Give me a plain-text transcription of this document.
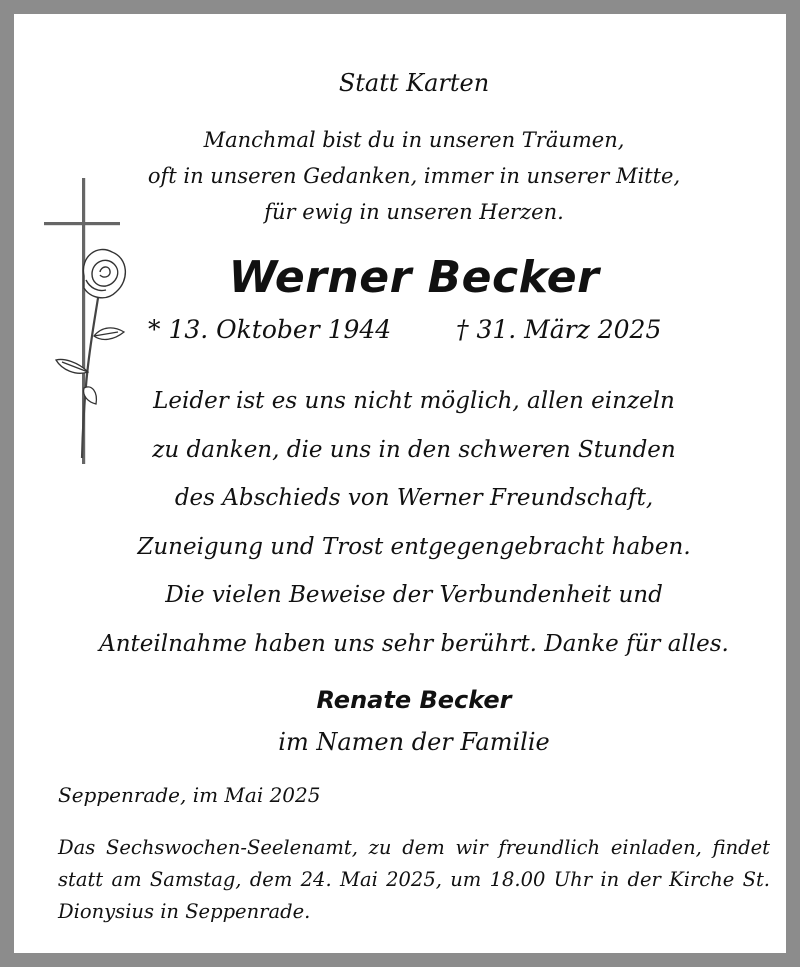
Statt Karten
Manchmal bist du in unseren Träumen,
oft in unseren Gedanken, immer in unserer Mitte,
für ewig in unseren Herzen.
Werner Becker
* 13. Oktober 1944	† 31. März 2025
Leider ist es uns nicht möglich, allen einzeln
zu danken, die uns in den schweren Stunden
des Abschieds von Werner Freundschaft,
Zuneigung und Trost entgegengebracht haben.
Die vielen Beweise der Verbundenheit und
Anteilnahme haben uns sehr berührt. Danke für alles.
Renate Becker
im Namen der Familie
Seppenrade, im Mai 2025
Das Sechswochen-Seelenamt, zu dem wir freundlich einladen, findet statt am Samstag, dem 24. Mai 2025, um 18.00 Uhr in der Kirche St. Dionysius in Seppenrade.
